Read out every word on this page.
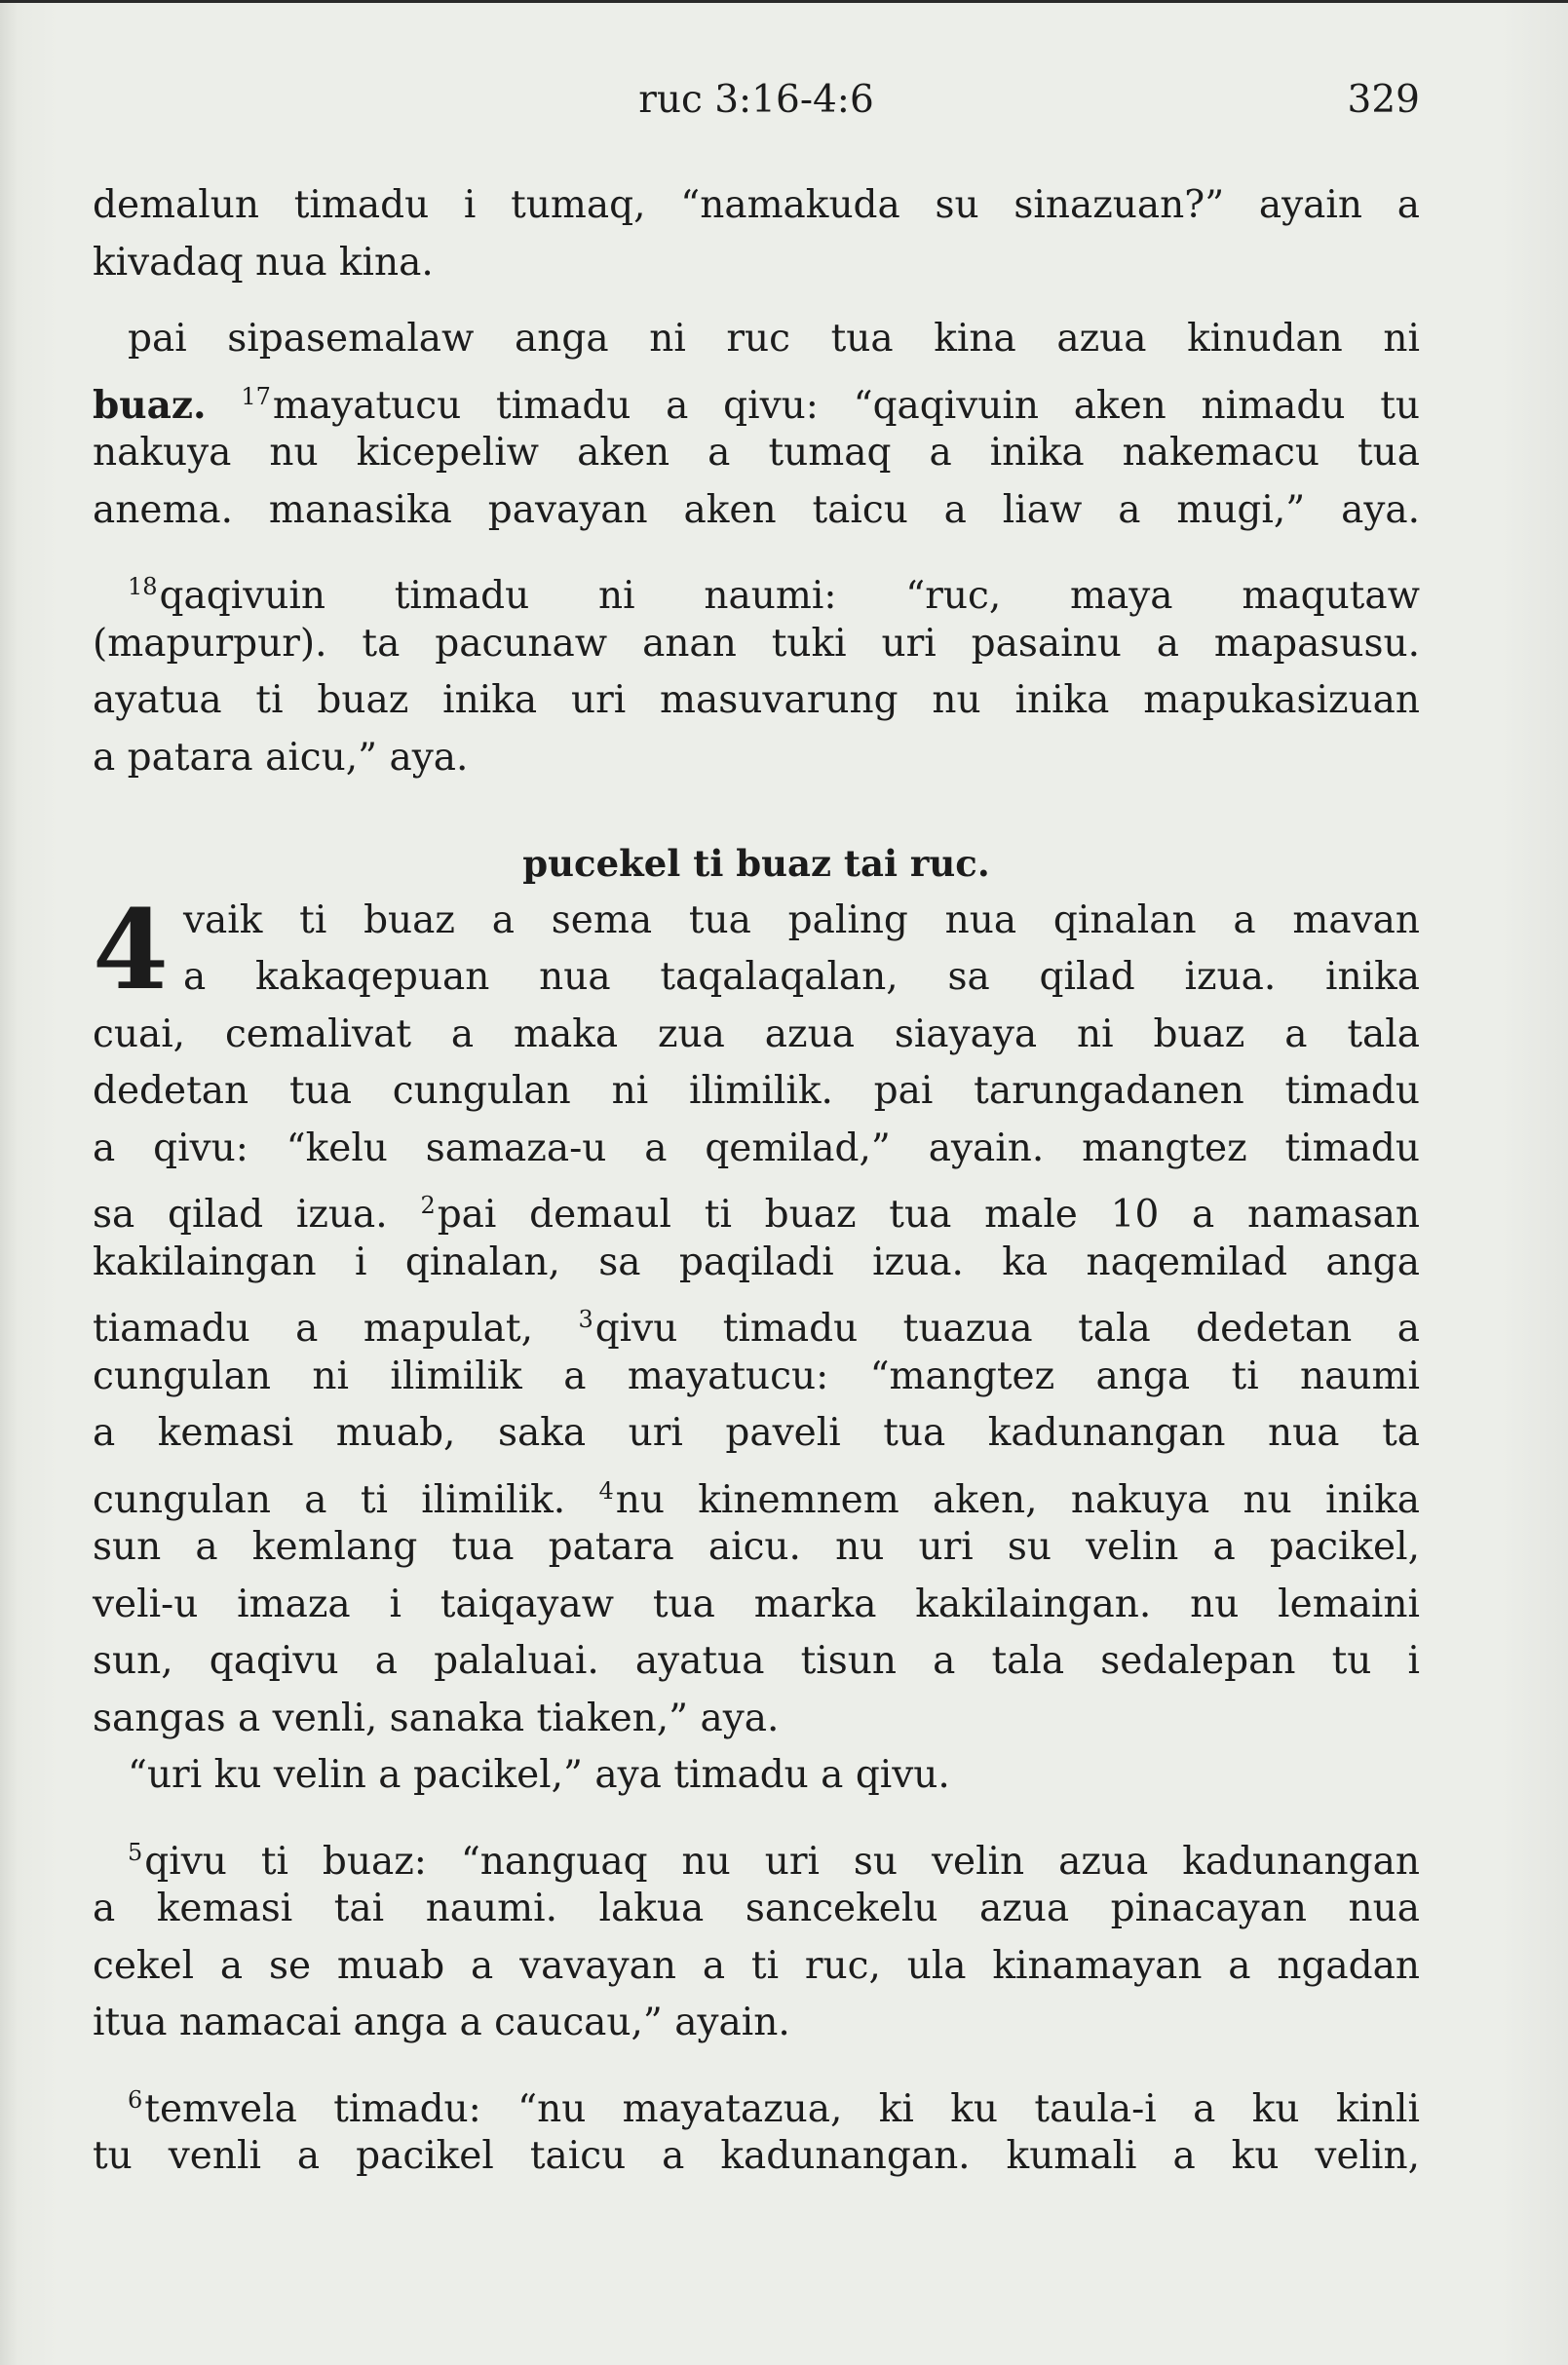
ruc 3:16-4:6	329
demalun timadu i tumaq, “namakuda su sinazuan?” ayain a
kivadaq nua kina.
pai sipasemalaw anga ni ruc tua kina azua kinudan ni
buaz. $^{17}$mayatucu timadu a qivu: “qaqivuin aken nimadu tu
nakuya nu kicepeliw aken a tumaq a inika nakemacu tua
anema. manasika pavayan aken taicu a liaw a mugi,” aya.
$^{18}$qaqivuin timadu ni naumi: “ruc, maya maqutaw
(mapurpur). ta pacunaw anan tuki uri pasainu a mapasusu.
ayatua ti buaz inika uri masuvarung nu inika mapukasizuan
a patara aicu,” aya.
pucekel ti buaz tai ruc.
4 vaik ti buaz a sema tua paling nua qinalan a mavan
a kakaqepuan nua taqalaqalan, sa qilad izua. inika
cuai, cemalivat a maka zua azua siayaya ni buaz a tala
dedetan tua cungulan ni ilimilik. pai tarungadanen timadu
a qivu: “kelu samaza-u a qemilad,” ayain. mangtez timadu
sa qilad izua. $^2$pai demaul ti buaz tua male 10 a namasan
kakilaingan i qinalan, sa paqiladi izua. ka naqemilad anga
tiamadu a mapulat, $^3$qivu timadu tuazua tala dedetan a
cungulan ni ilimilik a mayatucu: “mangtez anga ti naumi
a kemasi muab, saka uri paveli tua kadunangan nua ta
cungulan a ti ilimilik. $^4$nu kinemnem aken, nakuya nu inika
sun a kemlang tua patara aicu. nu uri su velin a pacikel,
veli-u imaza i taiqayaw tua marka kakilaingan. nu lemaini
sun, qaqivu a palaluai. ayatua tisun a tala sedalepan tu i
sangas a venli, sanaka tiaken,” aya.
“uri ku velin a pacikel,” aya timadu a qivu.
$^5$qivu ti buaz: “nanguaq nu uri su velin azua kadunangan
a kemasi tai naumi. lakua sancekelu azua pinacayan nua
cekel a se muab a vavayan a ti ruc, ula kinamayan a ngadan
itua namacai anga a caucau,” ayain.
$^6$temvela timadu: “nu mayatazua, ki ku taula-i a ku kinli
tu venli a pacikel taicu a kadunangan. kumali a ku velin,
